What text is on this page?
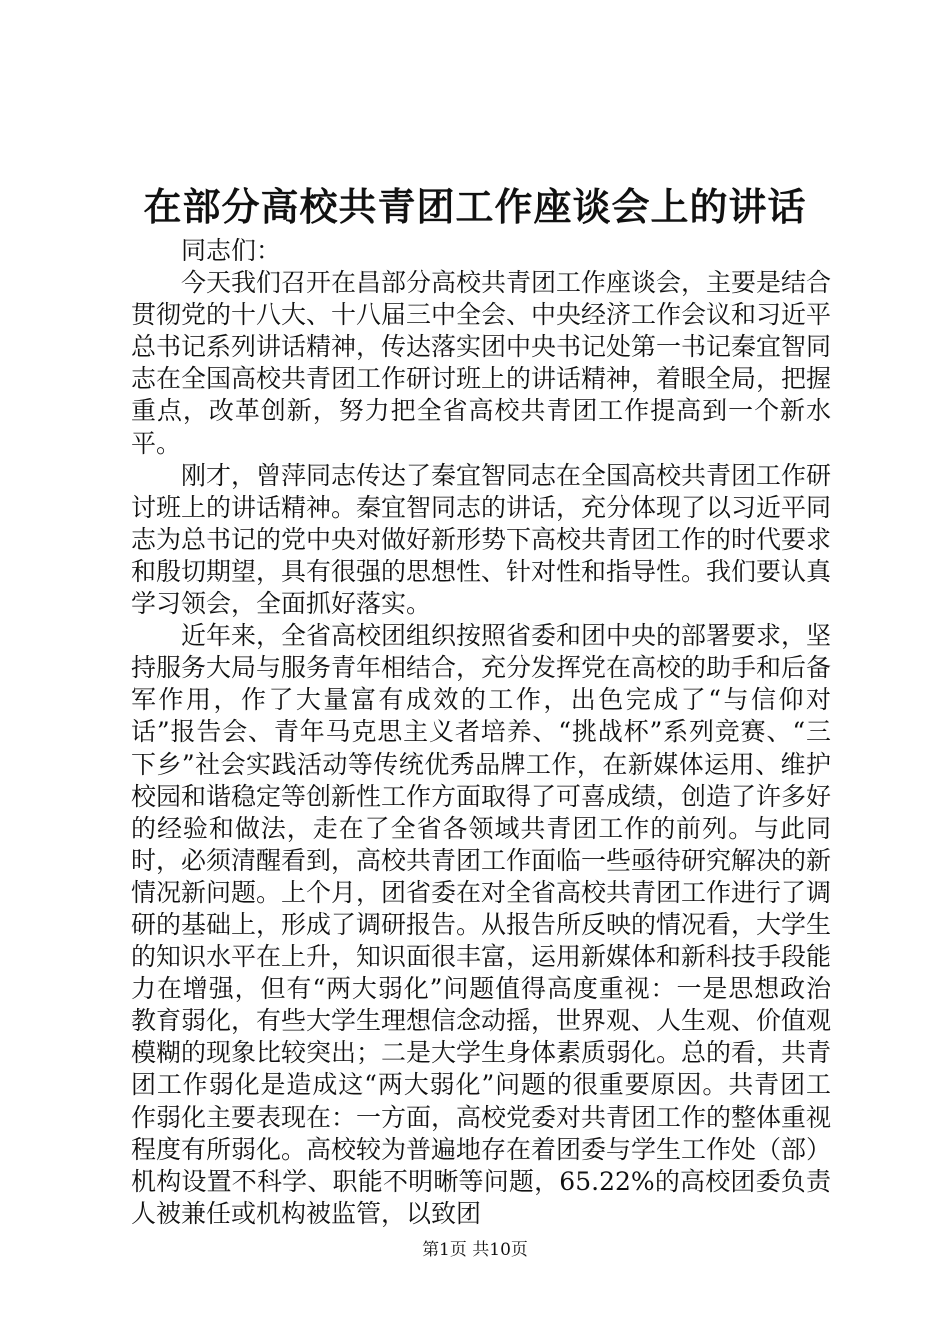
在部分高校共青团工作座谈会上的讲话

同志们：

今天我们召开在昌部分高校共青团工作座谈会，主要是结合贯彻党的十八大、十八届三中全会、中央经济工作会议和习近平总书记系列讲话精神，传达落实团中央书记处第一书记秦宜智同志在全国高校共青团工作研讨班上的讲话精神，着眼全局，把握重点，改革创新，努力把全省高校共青团工作提高到一个新水平。

刚才，曾萍同志传达了秦宜智同志在全国高校共青团工作研讨班上的讲话精神。秦宜智同志的讲话，充分体现了以习近平同志为总书记的党中央对做好新形势下高校共青团工作的时代要求和殷切期望，具有很强的思想性、针对性和指导性。我们要认真学习领会，全面抓好落实。

近年来，全省高校团组织按照省委和团中央的部署要求，坚持服务大局与服务青年相结合，充分发挥党在高校的助手和后备军作用，作了大量富有成效的工作，出色完成了“与信仰对话”报告会、青年马克思主义者培养、“挑战杯”系列竞赛、“三下乡”社会实践活动等传统优秀品牌工作，在新媒体运用、维护校园和谐稳定等创新性工作方面取得了可喜成绩，创造了许多好的经验和做法，走在了全省各领域共青团工作的前列。与此同时，必须清醒看到，高校共青团工作面临一些亟待研究解决的新情况新问题。上个月，团省委在对全省高校共青团工作进行了调研的基础上，形成了调研报告。从报告所反映的情况看，大学生的知识水平在上升，知识面很丰富，运用新媒体和新科技手段能力在增强，但有“两大弱化”问题值得高度重视：一是思想政治教育弱化，有些大学生理想信念动摇，世界观、人生观、价值观模糊的现象比较突出；二是大学生身体素质弱化。总的看，共青团工作弱化是造成这“两大弱化”问题的很重要原因。共青团工作弱化主要表现在：一方面，高校党委对共青团工作的整体重视程度有所弱化。高校较为普遍地存在着团委与学生工作处（部）机构设置不科学、职能不明晰等问题，65.22%的高校团委负责人被兼任或机构被监管，以致团

第1页 共10页
